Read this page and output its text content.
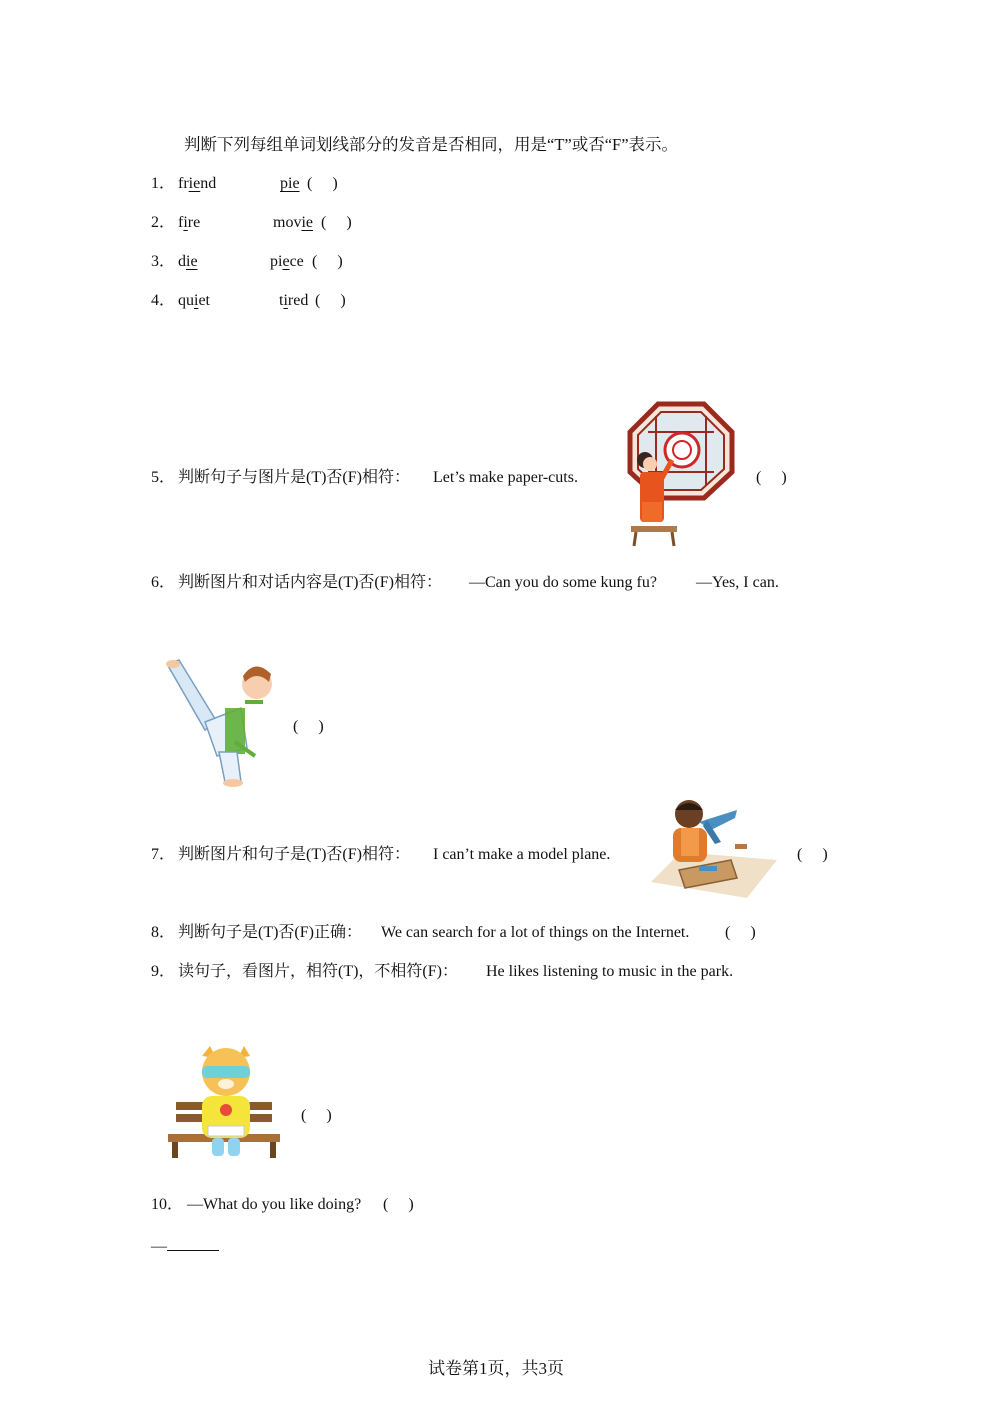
判断下列每组单词划线部分的发音是否相同，用是“T”或否“F”表示。
1． friend	pie (     )
2． fire	movie (     )
3． die	piece (     )
4． quiet	tired (     )
5． 判断句子与图片是(T)否(F)相符： Let’s make paper-cuts.	(     )
6． 判断图片和对话内容是(T)否(F)相符： —Can you do some kung fu? —Yes, I can.
(     )
7． 判断图片和句子是(T)否(F)相符： I can’t make a model plane.	(     )
8． 判断句子是(T)否(F)正确： We can search for a lot of things on the Internet. (     )
9． 读句子，看图片，相符(T)，不相符(F)： He likes listening to music in the park.
(     )
10． —What do you like doing? (     )
—
试卷第1页，共3页
